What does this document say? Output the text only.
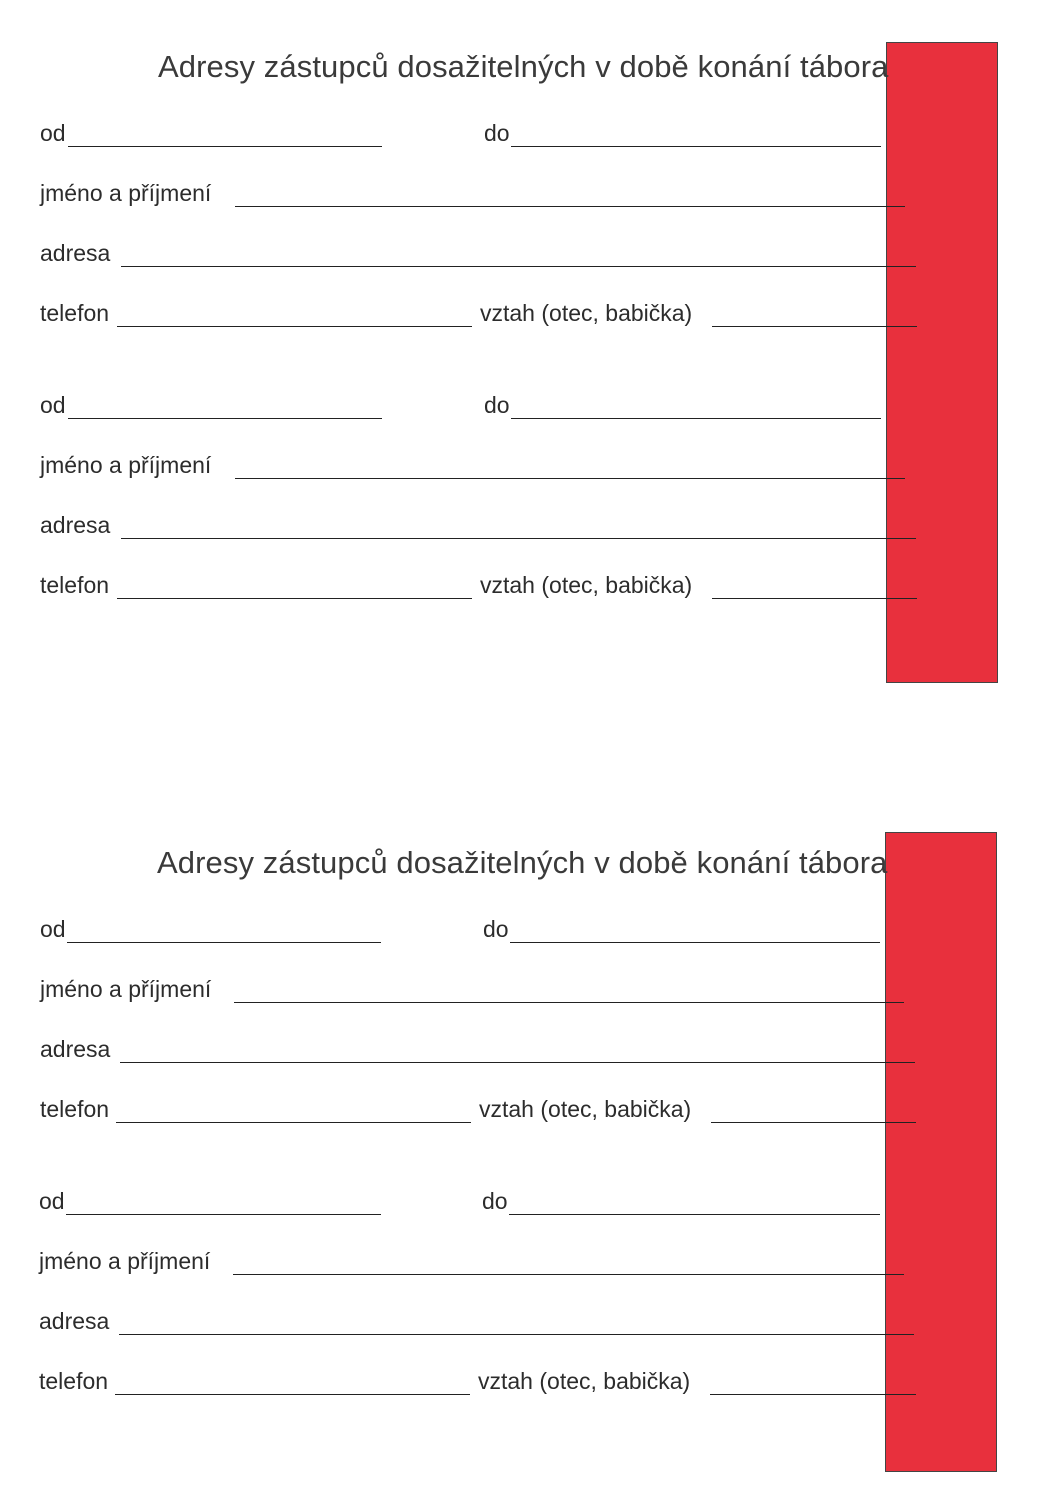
Adresy zástupců dosažitelných v době konání tábora
od	do
jméno a příjmení
adresa
telefon	vztah (otec, babička)
od	do
jméno a příjmení
adresa
telefon	vztah (otec, babička)
Adresy zástupců dosažitelných v době konání tábora
od	do
jméno a příjmení
adresa
telefon	vztah (otec, babička)
od	do
jméno a příjmení
adresa
telefon	vztah (otec, babička)
